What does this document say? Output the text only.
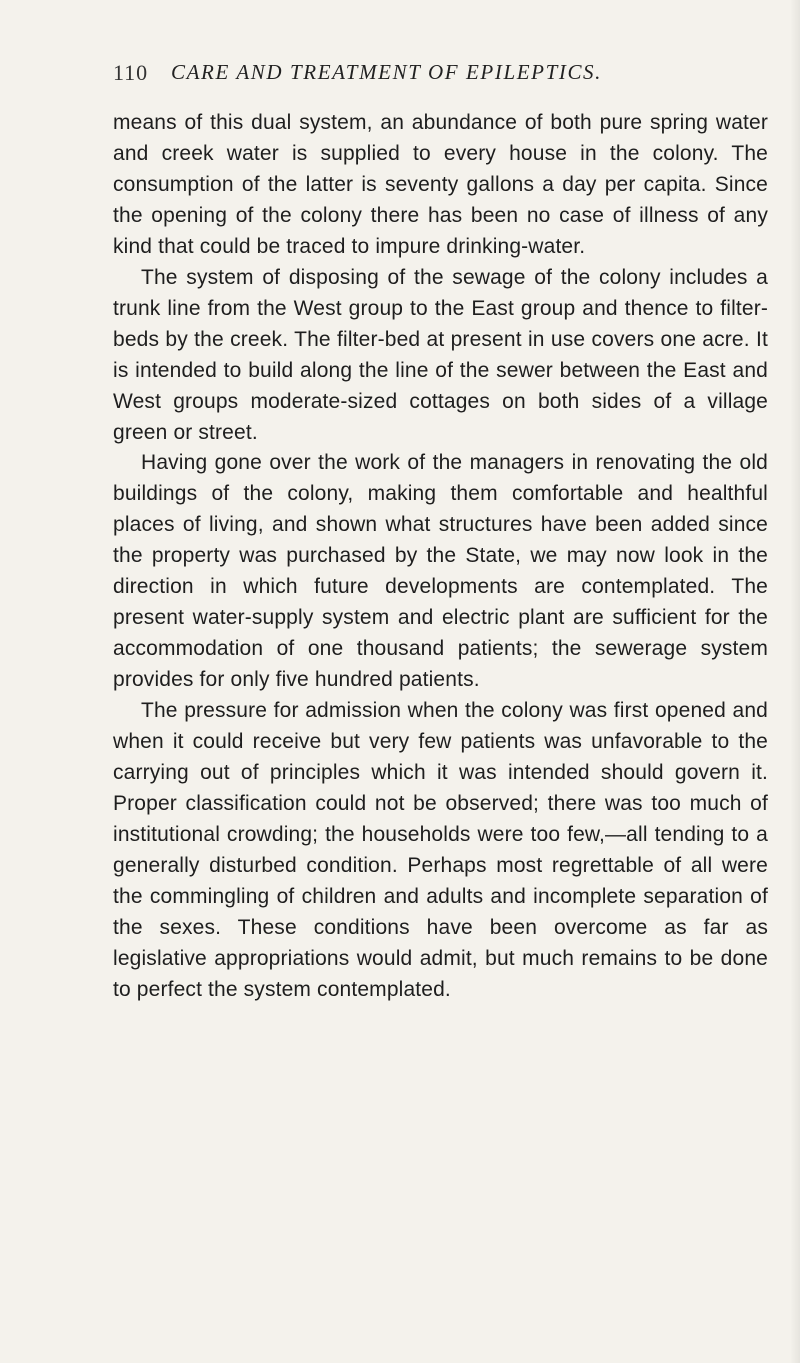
110 CARE AND TREATMENT OF EPILEPTICS.

means of this dual system, an abundance of both pure spring water and creek water is supplied to every house in the colony. The consumption of the latter is seventy gallons a day per capita. Since the opening of the colony there has been no case of illness of any kind that could be traced to impure drinking-water.

The system of disposing of the sewage of the colony includes a trunk line from the West group to the East group and thence to filter-beds by the creek. The filter-bed at present in use covers one acre. It is intended to build along the line of the sewer between the East and West groups moderate-sized cottages on both sides of a village green or street.

Having gone over the work of the managers in renovating the old buildings of the colony, making them comfortable and healthful places of living, and shown what structures have been added since the property was purchased by the State, we may now look in the direction in which future developments are contemplated. The present water-supply system and electric plant are sufficient for the accommodation of one thousand patients; the sewerage system provides for only five hundred patients.

The pressure for admission when the colony was first opened and when it could receive but very few patients was unfavorable to the carrying out of principles which it was intended should govern it. Proper classification could not be observed; there was too much of institutional crowding; the households were too few,—all tending to a generally disturbed condition. Perhaps most regrettable of all were the commingling of children and adults and incomplete separation of the sexes. These conditions have been overcome as far as legislative appropriations would admit, but much remains to be done to perfect the system contemplated.
